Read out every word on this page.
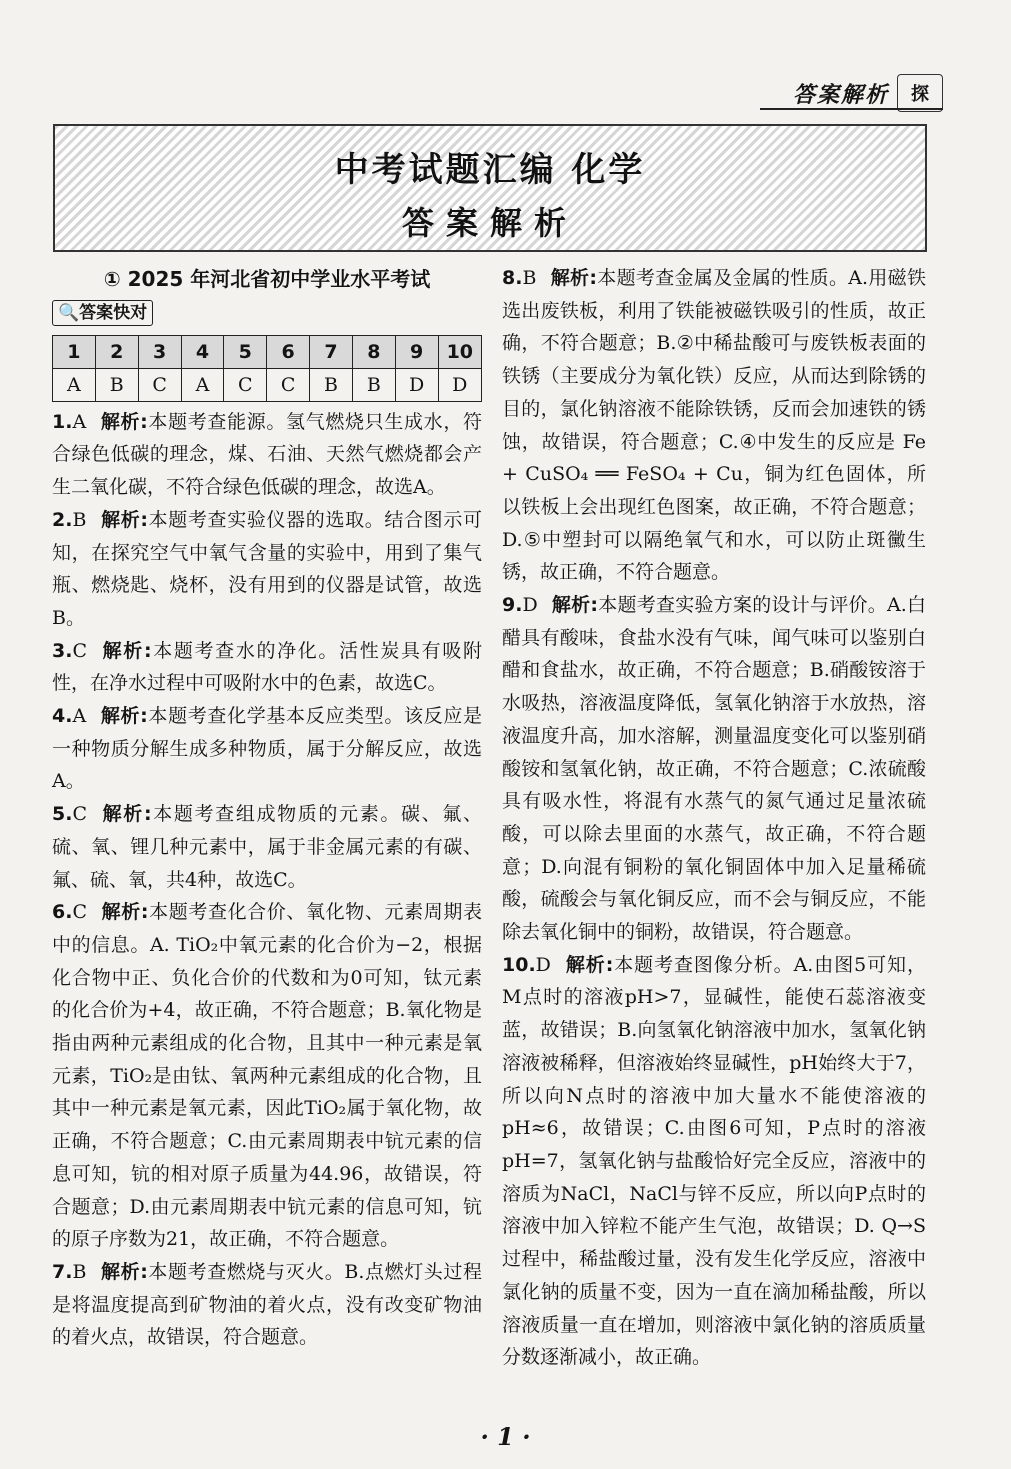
答案解析	探
中考试题汇编 化学
答案解析
① 2025 年河北省初中学业水平考试
🔍答案快对
1	2	3	4	5	6	7	8	9	10
A	B	C	A	C	C	B	B	D	D

1.A 解析:本题考查能源。氢气燃烧只生成水，符合绿色低碳的理念，煤、石油、天然气燃烧都会产生二氧化碳，不符合绿色低碳的理念，故选A。

2.B 解析:本题考查实验仪器的选取。结合图示可知，在探究空气中氧气含量的实验中，用到了集气瓶、燃烧匙、烧杯，没有用到的仪器是试管，故选B。

3.C 解析:本题考查水的净化。活性炭具有吸附性，在净水过程中可吸附水中的色素，故选C。

4.A 解析:本题考查化学基本反应类型。该反应是一种物质分解生成多种物质，属于分解反应，故选A。

5.C 解析:本题考查组成物质的元素。碳、氟、硫、氧、锂几种元素中，属于非金属元素的有碳、氟、硫、氧，共4种，故选C。

6.C 解析:本题考查化合价、氧化物、元素周期表中的信息。A. TiO₂中氧元素的化合价为−2，根据化合物中正、负化合价的代数和为0可知，钛元素的化合价为+4，故正确，不符合题意；B.氧化物是指由两种元素组成的化合物，且其中一种元素是氧元素，TiO₂是由钛、氧两种元素组成的化合物，且其中一种元素是氧元素，因此TiO₂属于氧化物，故正确，不符合题意；C.由元素周期表中钪元素的信息可知，钪的相对原子质量为44.96，故错误，符合题意；D.由元素周期表中钪元素的信息可知，钪的原子序数为21，故正确，不符合题意。

7.B 解析:本题考查燃烧与灭火。B.点燃灯头过程是将温度提高到矿物油的着火点，没有改变矿物油的着火点，故错误，符合题意。

8.B 解析:本题考查金属及金属的性质。A.用磁铁选出废铁板，利用了铁能被磁铁吸引的性质，故正确，不符合题意；B.②中稀盐酸可与废铁板表面的铁锈（主要成分为氧化铁）反应，从而达到除锈的目的，氯化钠溶液不能除铁锈，反而会加速铁的锈蚀，故错误，符合题意；C.④中发生的反应是 Fe + CuSO₄ ══ FeSO₄ + Cu，铜为红色固体，所以铁板上会出现红色图案，故正确，不符合题意；D.⑤中塑封可以隔绝氧气和水，可以防止斑黴生锈，故正确，不符合题意。

9.D 解析:本题考查实验方案的设计与评价。A.白醋具有酸味，食盐水没有气味，闻气味可以鉴别白醋和食盐水，故正确，不符合题意；B.硝酸铵溶于水吸热，溶液温度降低，氢氧化钠溶于水放热，溶液温度升高，加水溶解，测量温度变化可以鉴别硝酸铵和氢氧化钠，故正确，不符合题意；C.浓硫酸具有吸水性，将混有水蒸气的氮气通过足量浓硫酸，可以除去里面的水蒸气，故正确，不符合题意；D.向混有铜粉的氧化铜固体中加入足量稀硫酸，硫酸会与氧化铜反应，而不会与铜反应，不能除去氧化铜中的铜粉，故错误，符合题意。

10.D 解析:本题考查图像分析。A.由图5可知，M点时的溶液pH>7，显碱性，能使石蕊溶液变蓝，故错误；B.向氢氧化钠溶液中加水，氢氧化钠溶液被稀释，但溶液始终显碱性，pH始终大于7，所以向N点时的溶液中加大量水不能使溶液的pH≈6，故错误；C.由图6可知，P点时的溶液pH=7，氢氧化钠与盐酸恰好完全反应，溶液中的溶质为NaCl，NaCl与锌不反应，所以向P点时的溶液中加入锌粒不能产生气泡，故错误；D. Q→S过程中，稀盐酸过量，没有发生化学反应，溶液中氯化钠的质量不变，因为一直在滴加稀盐酸，所以溶液质量一直在增加，则溶液中氯化钠的溶质质量分数逐渐减小，故正确。

· 1 ·
